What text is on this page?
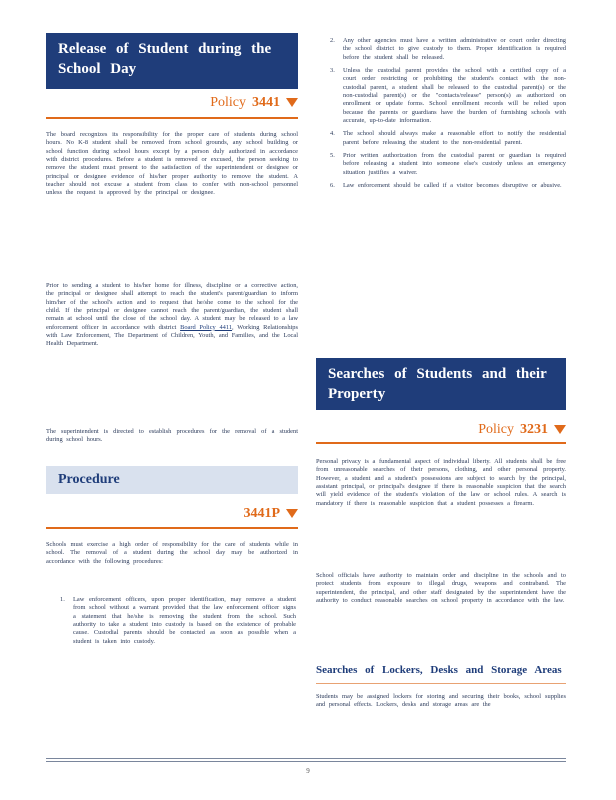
Release of Student during the
School Day
Policy 3441
The board recognizes its responsibility for the proper care of students during school hours. No K-8 student shall be removed from school grounds, any school building or school function during school hours except by a person duly authorized in accordance with district procedures. Before a student is removed or excused, the person seeking to remove the student must present to the satisfaction of the superintendent or designee or principal or designee evidence of his/her proper authority to remove the student. A teacher should not excuse a student from class to confer with non-school personnel unless the request is approved by the principal or designee.
Prior to sending a student to his/her home for illness, discipline or a corrective action, the principal or designee shall attempt to reach the student's parent/guardian to inform him/her of the school's action and to request that he/she come to the school for the child. If the principal or designee cannot reach the parent/guardian, the student shall remain at school until the close of the school day. A student may be released to a law enforcement officer in accordance with district Board Policy 4411, Working Relationships with Law Enforcement, The Department of Children, Youth, and Families, and the Local Health Department.
The superintendent is directed to establish procedures for the removal of a student during school hours.
Procedure
3441P
Schools must exercise a high order of responsibility for the care of students while in school. The removal of a student during the school day may be authorized in accordance with the following procedures:
1. Law enforcement officers, upon proper identification, may remove a student from school without a warrant provided that the law enforcement officer signs a statement that he/she is removing the student from the school. Such authority to take a student into custody is based on the existence of probable cause. Custodial parents should be contacted as soon as possible when a student is taken into custody.
2. Any other agencies must have a written administrative or court order directing the school district to give custody to them. Proper identification is required before the student shall be released.
3. Unless the custodial parent provides the school with a certified copy of a court order restricting or prohibiting the student's contact with the non-custodial parent, a student shall be released to the custodial parent(s) or the non-custodial parent(s) or the "contacts/release" person(s) as authorized on enrollment or update forms. School enrollment records will be relied upon because the parents or guardians have the burden of furnishing schools with accurate, up-to-date information.
4. The school should always make a reasonable effort to notify the residential parent before releasing the student to the non-residential parent.
5. Prior written authorization from the custodial parent or guardian is required before releasing a student into someone else's custody unless an emergency situation justifies a waiver.
6. Law enforcement should be called if a visitor becomes disruptive or abusive.
Searches of Students and their
Property
Policy 3231
Personal privacy is a fundamental aspect of individual liberty. All students shall be free from unreasonable searches of their persons, clothing, and other personal property. However, a student and a student's possessions are subject to search by the principal, assistant principal, or principal's designee if there is reasonable suspicion that the search will yield evidence of the student's violation of the law or school rules. A search is mandatory if there is reasonable suspicion that a student possesses a firearm.
School officials have authority to maintain order and discipline in the schools and to protect students from exposure to illegal drugs, weapons and contraband. The superintendent, the principal, and other staff designated by the superintendent have the authority to conduct reasonable searches on school property in accordance with the law.
Searches of Lockers, Desks and Storage Areas
Students may be assigned lockers for storing and securing their books, school supplies and personal effects. Lockers, desks and storage areas are the
9
